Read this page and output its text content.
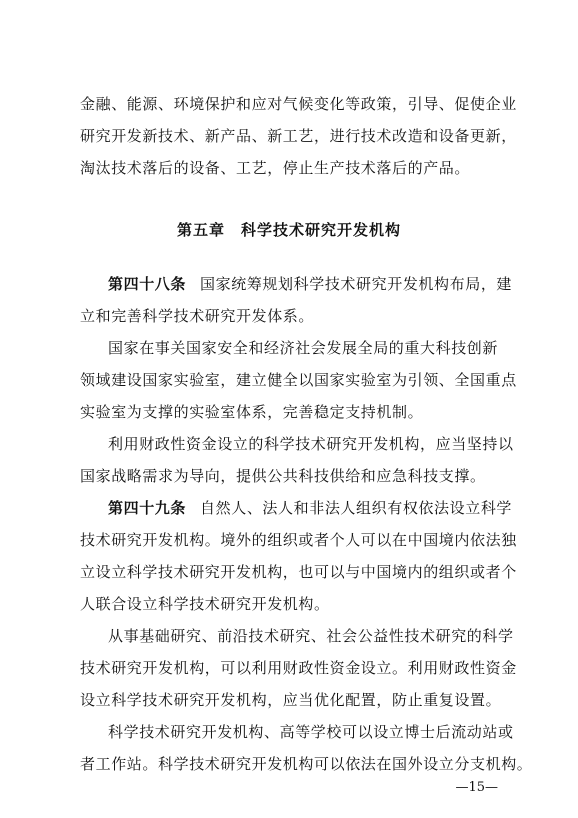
金融、能源、环境保护和应对气候变化等政策，引导、促使企业
研究开发新技术、新产品、新工艺，进行技术改造和设备更新，
淘汰技术落后的设备、工艺，停止生产技术落后的产品。
第五章　科学技术研究开发机构
第四十八条 国家统筹规划科学技术研究开发机构布局，建
立和完善科学技术研究开发体系。
国家在事关国家安全和经济社会发展全局的重大科技创新
领域建设国家实验室，建立健全以国家实验室为引领、全国重点
实验室为支撑的实验室体系，完善稳定支持机制。
利用财政性资金设立的科学技术研究开发机构，应当坚持以
国家战略需求为导向，提供公共科技供给和应急科技支撑。
第四十九条 自然人、法人和非法人组织有权依法设立科学
技术研究开发机构。境外的组织或者个人可以在中国境内依法独
立设立科学技术研究开发机构，也可以与中国境内的组织或者个
人联合设立科学技术研究开发机构。
从事基础研究、前沿技术研究、社会公益性技术研究的科学
技术研究开发机构，可以利用财政性资金设立。利用财政性资金
设立科学技术研究开发机构，应当优化配置，防止重复设置。
科学技术研究开发机构、高等学校可以设立博士后流动站或
者工作站。科学技术研究开发机构可以依法在国外设立分支机构。
—15—
